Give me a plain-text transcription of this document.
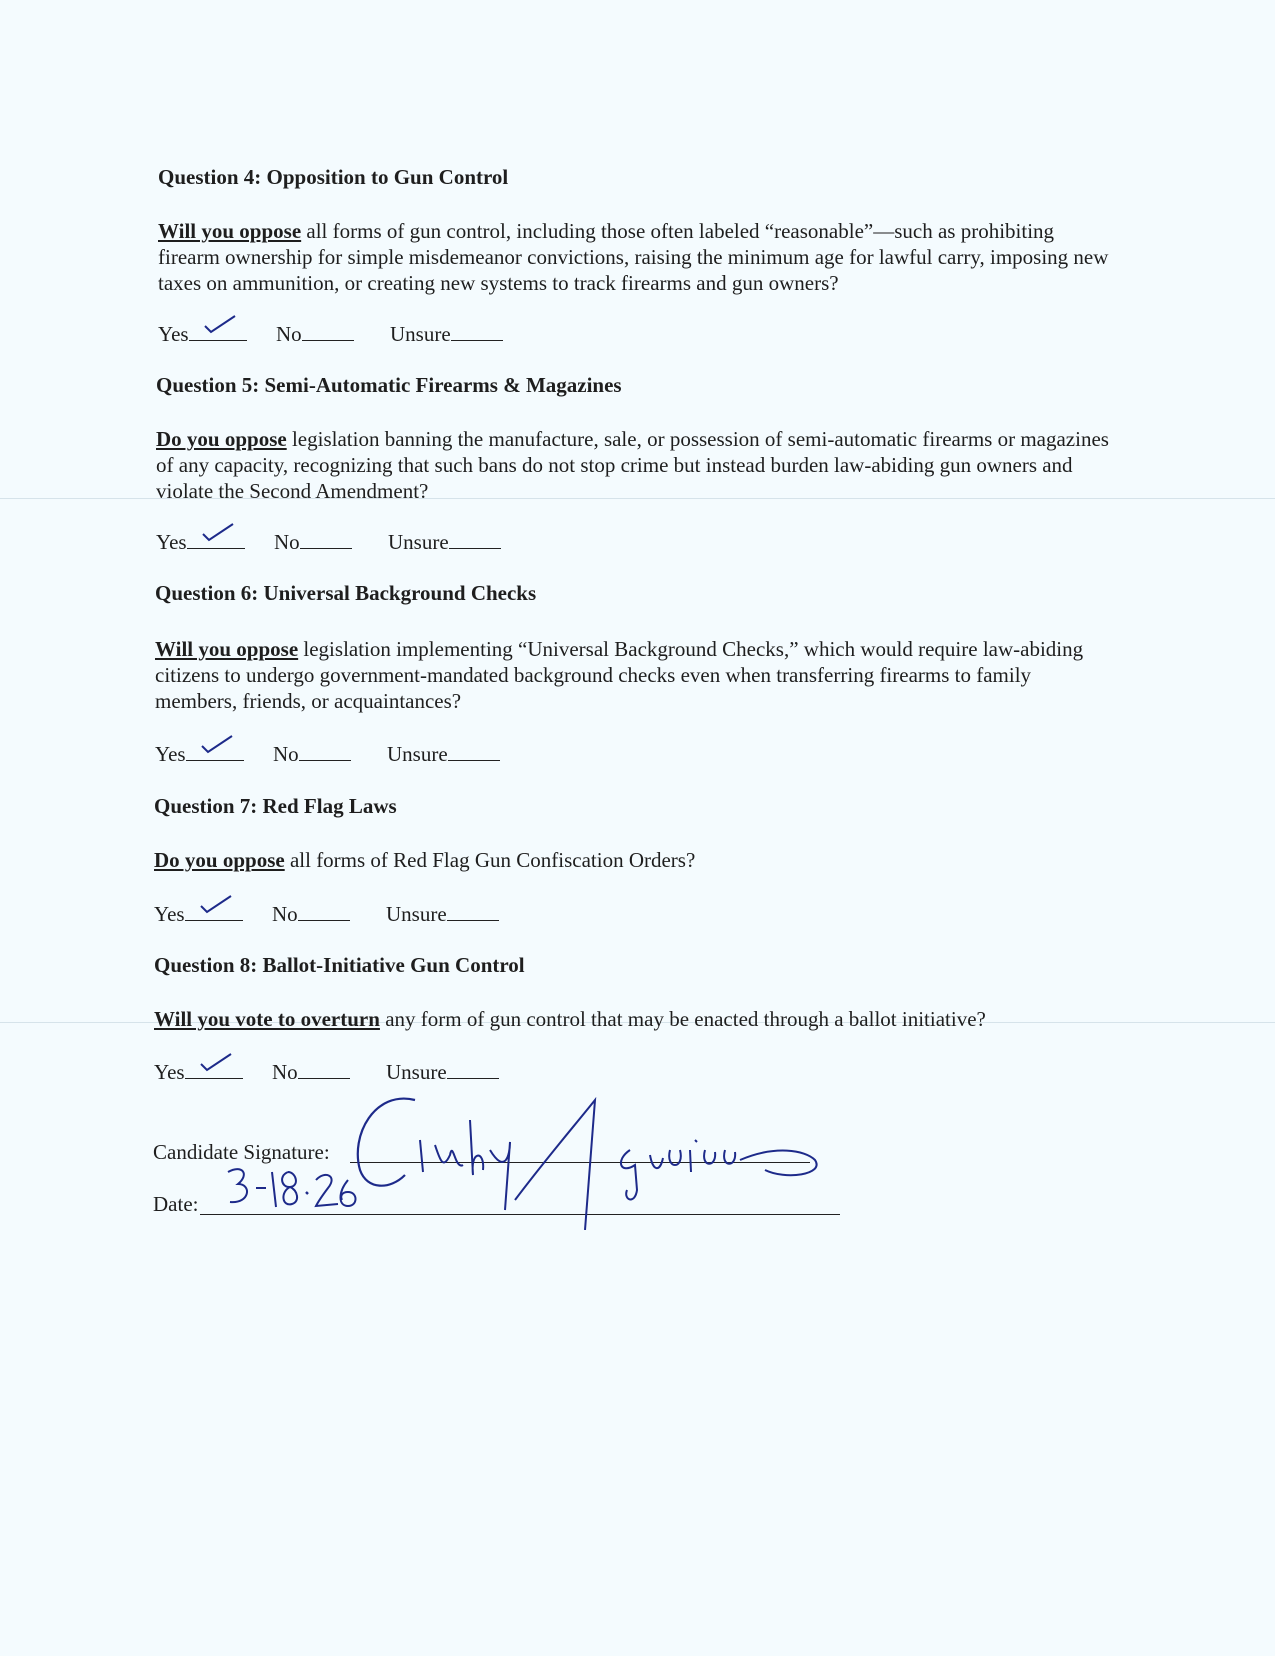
Question 4: Opposition to Gun Control
Will you oppose all forms of gun control, including those often labeled “reasonable”—such as prohibiting firearm ownership for simple misdemeanor convictions, raising the minimum age for lawful carry, imposing new taxes on ammunition, or creating new systems to track firearms and gun owners?
Yes	No	Unsure
Question 5: Semi-Automatic Firearms & Magazines
Do you oppose legislation banning the manufacture, sale, or possession of semi-automatic firearms or magazines of any capacity, recognizing that such bans do not stop crime but instead burden law-abiding gun owners and violate the Second Amendment?
Yes	No	Unsure
Question 6: Universal Background Checks
Will you oppose legislation implementing “Universal Background Checks,” which would require law-abiding citizens to undergo government-mandated background checks even when transferring firearms to family members, friends, or acquaintances?
Yes	No	Unsure
Question 7: Red Flag Laws
Do you oppose all forms of Red Flag Gun Confiscation Orders?
Yes	No	Unsure
Question 8: Ballot-Initiative Gun Control
Will you vote to overturn any form of gun control that may be enacted through a ballot initiative?
Yes	No	Unsure
Candidate Signature:
Date:
